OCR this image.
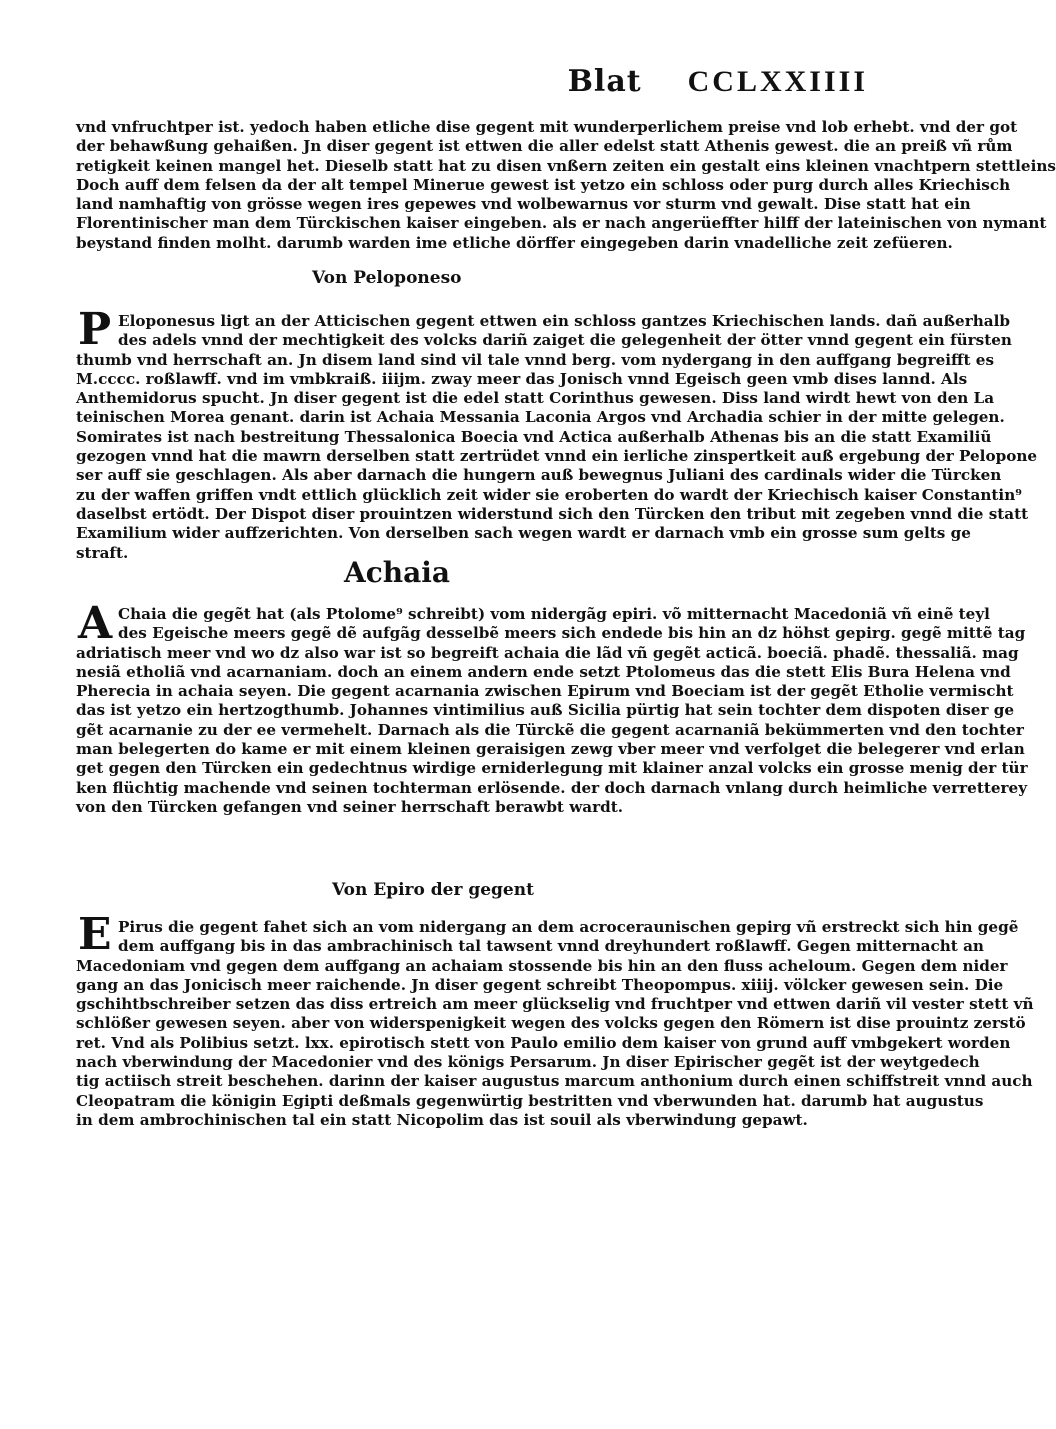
Blat CCLXXIIII
vnd vnfruchtper ist. yedoch haben etliche dise gegent mit wunderperlichem preise vnd lob erhebt. vnd der got
der behawßung gehaißen. Jn diser gegent ist ettwen die aller edelst statt Athenis gewest. die an preiß vñ rům
retigkeit keinen mangel het. Dieselb statt hat zu disen vnßern zeiten ein gestalt eins kleinen vnachtpern stettleins
Doch auff dem felsen da der alt tempel Minerue gewest ist yetzo ein schloss oder purg durch alles Kriechisch
land namhaftig von grösse wegen ires gepewes vnd wolbewarnus vor sturm vnd gewalt. Dise statt hat ein
Florentinischer man dem Türckischen kaiser eingeben. als er nach angerüeffter hilff der lateinischen von nymant
beystand finden molht. darumb warden ime etliche dörffer eingegeben darin vnadelliche zeit zefüeren.
Von Peloponeso
P Eloponesus ligt an der Atticischen gegent ettwen ein schloss gantzes Kriechischen lands. dañ außerhalb
des adels vnnd der mechtigkeit des volcks dariñ zaiget die gelegenheit der ötter vnnd gegent ein fürsten
thumb vnd herrschaft an. Jn disem land sind vil tale vnnd berg. vom nydergang in den auffgang begreifft es
M.cccc. roßlawff. vnd im vmbkraiß. iiijm. zway meer das Jonisch vnnd Egeisch geen vmb dises lannd. Als
Anthemidorus spucht. Jn diser gegent ist die edel statt Corinthus gewesen. Diss land wirdt hewt von den La
teinischen Morea genant. darin ist Achaia Messania Laconia Argos vnd Archadia schier in der mitte gelegen.
Somirates ist nach bestreitung Thessalonica Boecia vnd Actica außerhalb Athenas bis an die statt Examiliũ
gezogen vnnd hat die mawrn derselben statt zertrüdet vnnd ein ierliche zinspertkeit auß ergebung der Pelopone
ser auff sie geschlagen. Als aber darnach die hungern auß bewegnus Juliani des cardinals wider die Türcken
zu der waffen griffen vndt ettlich glücklich zeit wider sie eroberten do wardt der Kriechisch kaiser Constantin⁹
daselbst ertödt. Der Dispot diser prouintzen widerstund sich den Türcken den tribut mit zegeben vnnd die statt
Examilium wider auffzerichten. Von derselben sach wegen wardt er darnach vmb ein grosse sum gelts ge
straft.
Achaia
A Chaia die gegẽt hat (als Ptolome⁹ schreibt) vom nidergãg epiri. võ mitternacht Macedoniã vñ einẽ teyl
des Egeische meers gegẽ dẽ aufgãg desselbẽ meers sich endede bis hin an dz höhst gepirg. gegẽ mittẽ tag
adriatisch meer vnd wo dz also war ist so begreift achaia die lãd vñ gegẽt acticã. boeciã. phadẽ. thessaliã. mag
nesiã etholiã vnd acarnaniam. doch an einem andern ende setzt Ptolomeus das die stett Elis Bura Helena vnd
Pherecia in achaia seyen. Die gegent acarnania zwischen Epirum vnd Boeciam ist der gegẽt Etholie vermischt
das ist yetzo ein hertzogthumb. Johannes vintimilius auß Sicilia pürtig hat sein tochter dem dispoten diser ge
gẽt acarnanie zu der ee vermehelt. Darnach als die Türckẽ die gegent acarnaniã bekümmerten vnd den tochter
man belegerten do kame er mit einem kleinen geraisigen zewg vber meer vnd verfolget die belegerer vnd erlan
get gegen den Türcken ein gedechtnus wirdige erniderlegung mit klainer anzal volcks ein grosse menig der tür
ken flüchtig machende vnd seinen tochterman erlösende. der doch darnach vnlang durch heimliche verretterey
von den Türcken gefangen vnd seiner herrschaft berawbt wardt.
Von Epiro der gegent
E Pirus die gegent fahet sich an vom nidergang an dem acroceraunischen gepirg vñ erstreckt sich hin gegẽ
dem auffgang bis in das ambrachinisch tal tawsent vnnd dreyhundert roßlawff. Gegen mitternacht an
Macedoniam vnd gegen dem auffgang an achaiam stossende bis hin an den fluss acheloum. Gegen dem nider
gang an das Jonicisch meer raichende. Jn diser gegent schreibt Theopompus. xiiij. völcker gewesen sein. Die
gschihtbschreiber setzen das diss ertreich am meer glückselig vnd fruchtper vnd ettwen dariñ vil vester stett vñ
schlößer gewesen seyen. aber von widerspenigkeit wegen des volcks gegen den Römern ist dise prouintz zerstö
ret. Vnd als Polibius setzt. lxx. epirotisch stett von Paulo emilio dem kaiser von grund auff vmbgekert worden
nach vberwindung der Macedonier vnd des königs Persarum. Jn diser Epirischer gegẽt ist der weytgedech
tig actiisch streit beschehen. darinn der kaiser augustus marcum anthonium durch einen schiffstreit vnnd auch
Cleopatram die königin Egipti deßmals gegenwürtig bestritten vnd vberwunden hat. darumb hat augustus
in dem ambrochinischen tal ein statt Nicopolim das ist souil als vberwindung gepawt.
